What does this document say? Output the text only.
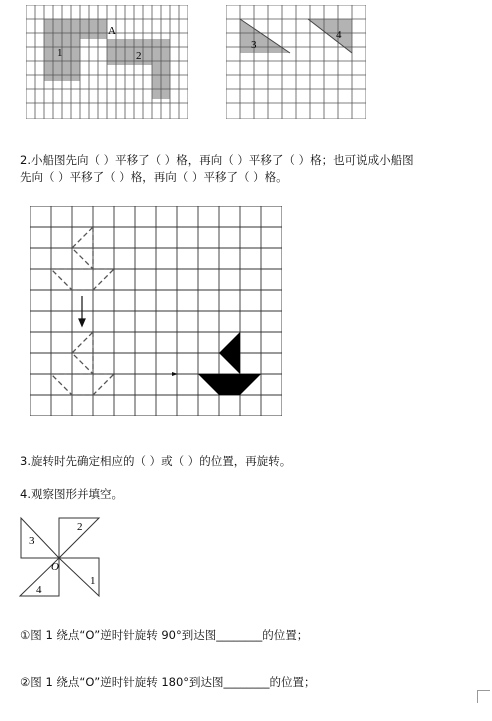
1
A
2
3
4
2.小船图先向（ ）平移了（ ）格，再向（ ）平移了（ ）格；也可说成小船图
先向（ ）平移了（ ）格，再向（ ）平移了（ ）格。
3.旋转时先确定相应的（ ）或（ ）的位置，再旋转。
4.观察图形并填空。
2
3
4
1
O
①图 1 绕点“O”逆时针旋转 90°到达图________的位置；
②图 1 绕点“O”逆时针旋转 180°到达图________的位置；
